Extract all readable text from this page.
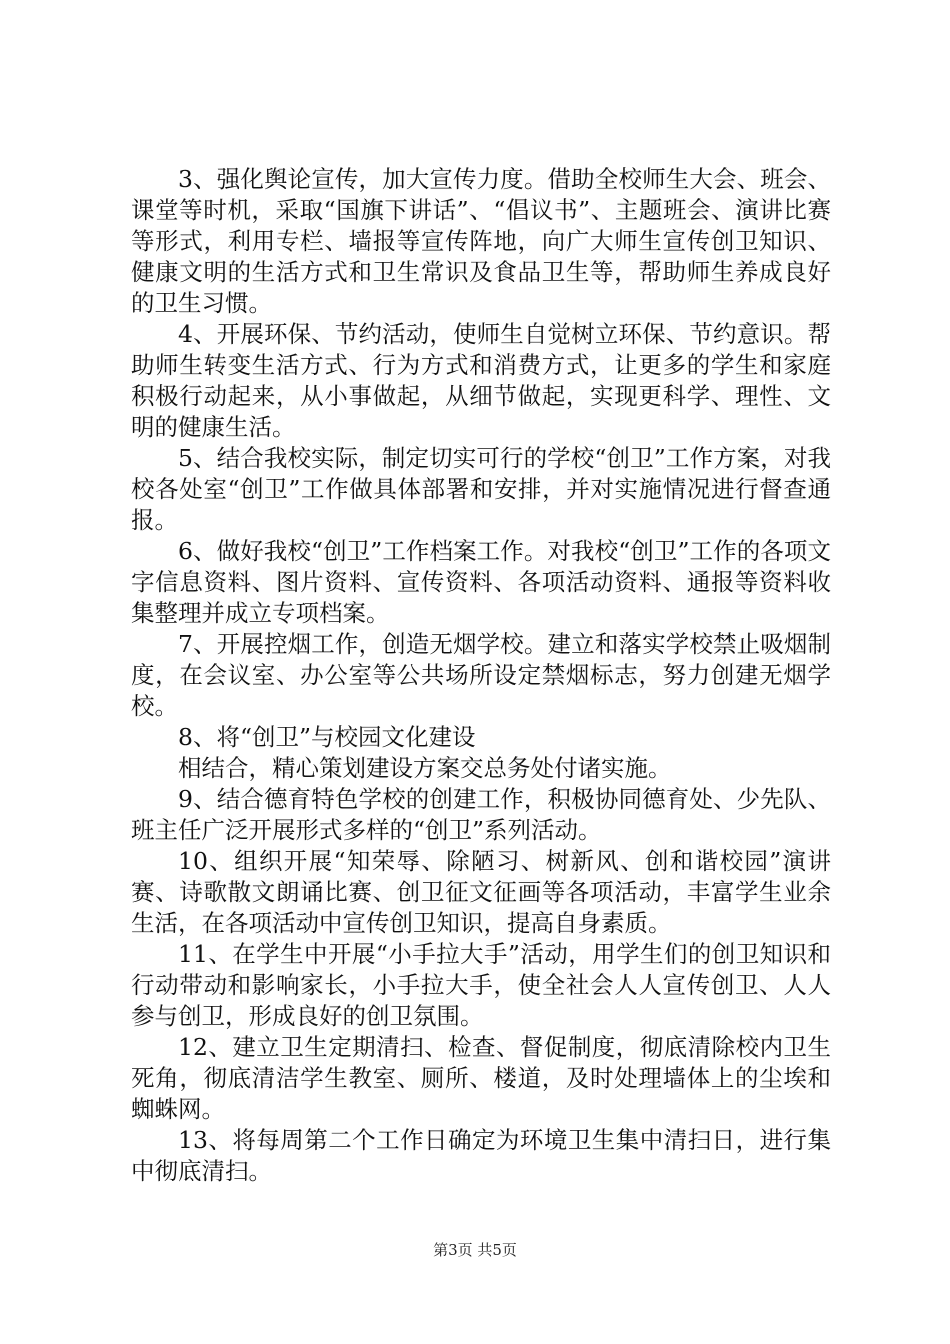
3、强化舆论宣传，加大宣传力度。借助全校师生大会、班会、课堂等时机，采取“国旗下讲话”、“倡议书”、主题班会、演讲比赛等形式，利用专栏、墙报等宣传阵地，向广大师生宣传创卫知识、健康文明的生活方式和卫生常识及食品卫生等，帮助师生养成良好的卫生习惯。

4、开展环保、节约活动，使师生自觉树立环保、节约意识。帮助师生转变生活方式、行为方式和消费方式，让更多的学生和家庭积极行动起来，从小事做起，从细节做起，实现更科学、理性、文明的健康生活。

5、结合我校实际，制定切实可行的学校“创卫”工作方案，对我校各处室“创卫”工作做具体部署和安排，并对实施情况进行督查通报。

6、做好我校“创卫”工作档案工作。对我校“创卫”工作的各项文字信息资料、图片资料、宣传资料、各项活动资料、通报等资料收集整理并成立专项档案。

7、开展控烟工作，创造无烟学校。建立和落实学校禁止吸烟制度，在会议室、办公室等公共场所设定禁烟标志，努力创建无烟学校。

8、将“创卫”与校园文化建设

相结合，精心策划建设方案交总务处付诸实施。

9、结合德育特色学校的创建工作，积极协同德育处、少先队、班主任广泛开展形式多样的“创卫”系列活动。

10、组织开展“知荣辱、除陋习、树新风、创和谐校园”演讲赛、诗歌散文朗诵比赛、创卫征文征画等各项活动，丰富学生业余生活，在各项活动中宣传创卫知识，提高自身素质。

11、在学生中开展“小手拉大手”活动，用学生们的创卫知识和行动带动和影响家长，小手拉大手，使全社会人人宣传创卫、人人参与创卫，形成良好的创卫氛围。

12、建立卫生定期清扫、检查、督促制度，彻底清除校内卫生死角，彻底清洁学生教室、厕所、楼道，及时处理墙体上的尘埃和蜘蛛网。

13、将每周第二个工作日确定为环境卫生集中清扫日，进行集中彻底清扫。

第3页 共5页
